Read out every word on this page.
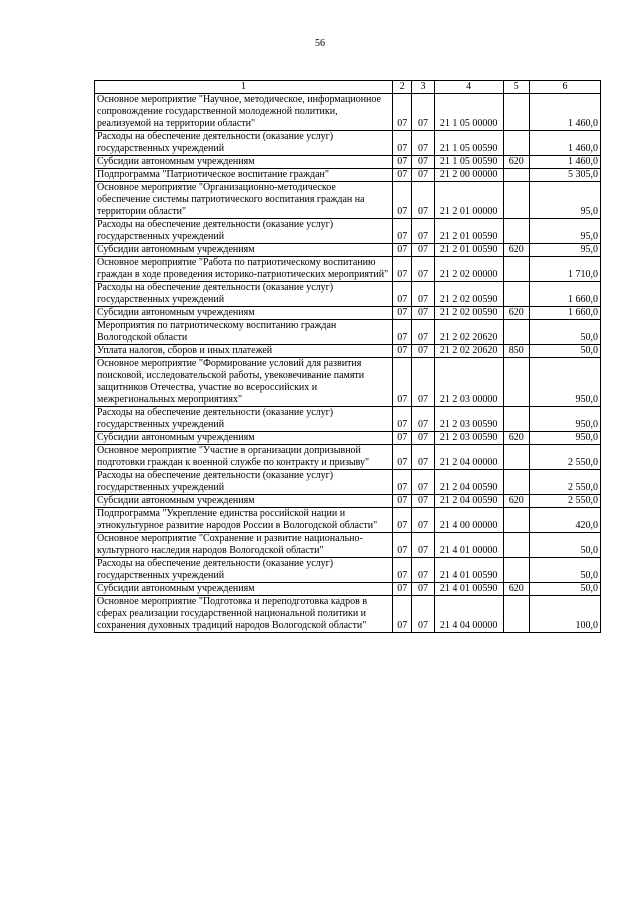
56
1	2	3	4	5	6
Основное мероприятие "Научное, методическое, информационное сопровождение государственной молодежной политики, реализуемой на территории области"	07	07	21 1 05 00000		1 460,0
Расходы на обеспечение деятельности (оказание услуг) государственных учреждений	07	07	21 1 05 00590		1 460,0
Субсидии автономным учреждениям	07	07	21 1 05 00590	620	1 460,0
Подпрограмма "Патриотическое воспитание граждан"	07	07	21 2 00 00000		5 305,0
Основное мероприятие "Организационно-методическое обеспечение системы патриотического воспитания граждан на территории области"	07	07	21 2 01 00000		95,0
Расходы на обеспечение деятельности (оказание услуг) государственных учреждений	07	07	21 2 01 00590		95,0
Субсидии автономным учреждениям	07	07	21 2 01 00590	620	95,0
Основное мероприятие "Работа по патриотическому воспитанию граждан в ходе проведения историко-патриотических мероприятий"	07	07	21 2 02 00000		1 710,0
Расходы на обеспечение деятельности (оказание услуг) государственных учреждений	07	07	21 2 02 00590		1 660,0
Субсидии автономным учреждениям	07	07	21 2 02 00590	620	1 660,0
Мероприятия по патриотическому воспитанию граждан Вологодской области	07	07	21 2 02 20620		50,0
Уплата налогов, сборов и иных платежей	07	07	21 2 02 20620	850	50,0
Основное мероприятие "Формирование условий для развития поисковой, исследовательской работы, увековечивание памяти защитников Отечества, участие во всероссийских и межрегиональных мероприятиях"	07	07	21 2 03 00000		950,0
Расходы на обеспечение деятельности (оказание услуг) государственных учреждений	07	07	21 2 03 00590		950,0
Субсидии автономным учреждениям	07	07	21 2 03 00590	620	950,0
Основное мероприятие "Участие в организации допризывной подготовки граждан к военной службе по контракту и призыву"	07	07	21 2 04 00000		2 550,0
Расходы на обеспечение деятельности (оказание услуг) государственных учреждений	07	07	21 2 04 00590		2 550,0
Субсидии автономным учреждениям	07	07	21 2 04 00590	620	2 550,0
Подпрограмма "Укрепление единства российской нации и этнокультурное развитие народов России в Вологодской области"	07	07	21 4 00 00000		420,0
Основное мероприятие "Сохранение и развитие национально-культурного наследия народов Вологодской области"	07	07	21 4 01 00000		50,0
Расходы на обеспечение деятельности (оказание услуг) государственных учреждений	07	07	21 4 01 00590		50,0
Субсидии автономным учреждениям	07	07	21 4 01 00590	620	50,0
Основное мероприятие "Подготовка и переподготовка кадров в сферах реализации государственной национальной политики и сохранения духовных традиций народов Вологодской области"	07	07	21 4 04 00000		100,0
